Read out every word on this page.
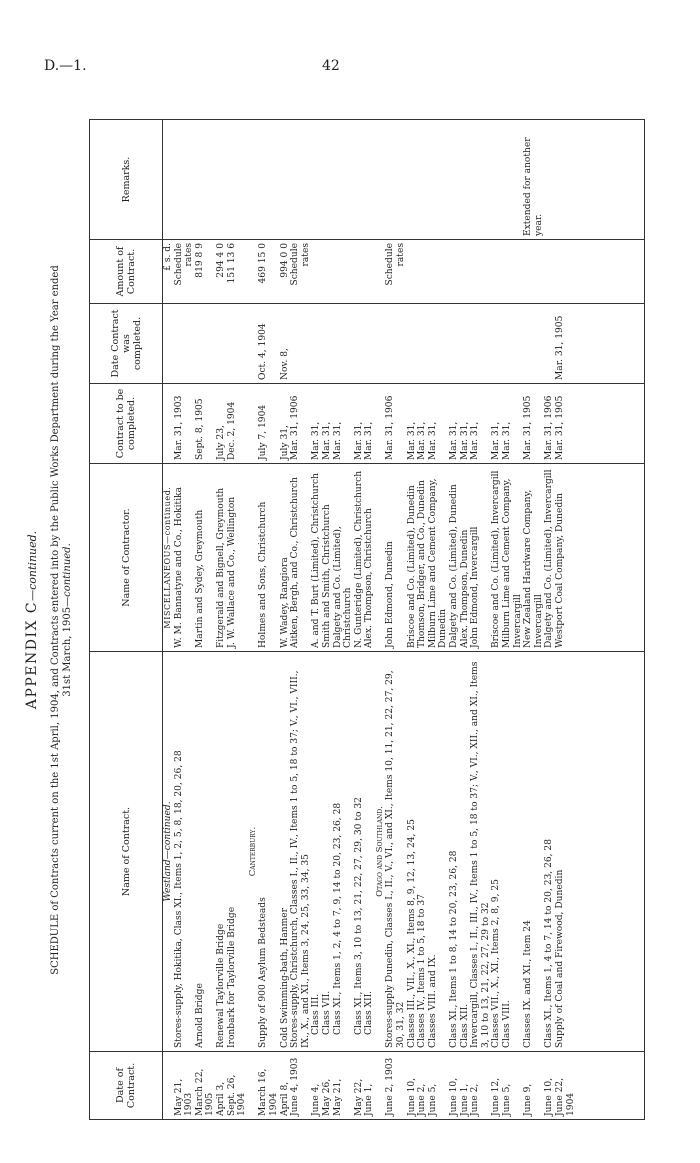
D.—1.	42
APPENDIX C—continued. SCHEDULE of Contracts current on the 1st April, 1904, and Contracts entered into by the Public Works Department during the Year ended 31st March, 1905—continued.
Date of Contract.	Name of Contract.	Name of Contractor.	Contract to be completed.	Date Contract was completed.	Amount of Contract.	Remarks.
	Westland—continued.	MISCELLANEOUS—continued.			£ s. d.	
May 21, 1903	Stores-supply, Hokitika, Class XI., Items 1, 2, 5, 8, 18, 20, 26, 28	W. M. Bannatyne and Co., Hokitika	Mar. 31, 1903		Schedule rates	
March 22, 1905	Arnold Bridge	Martin and Sydey, Greymouth	Sept. 8, 1905		819 8 9	
April 3,	Renewal Taylorville Bridge	Fitzgerald and Bignell, Greymouth	July 23,		294 4 0	
Sept. 26, 1904	Ironbark for Taylorville Bridge	J. W. Wallace and Co., Wellington	Dec. 2, 1904		151 13 6	
	Canterbury.					
March 16, 1904	Supply of 900 Asylum Bedsteads	Holmes and Sons, Christchurch	July 7, 1904	Oct. 4, 1904	469 15 0	
April 8,	Cold Swimming-bath, Hanmer	W. Wadey, Rangiora	July 31,	Nov. 8,	994 0 0	
June 4, 1903	Stores-supply, Christchurch, Classes I., II., IV., Items 1 to 5, 18 to 37; V., VI., VIII., IX., X., and XI., Items 3, 24, 25, 33, 34, 35	Aitken, Bergh, and Co., Christchurch	Mar. 31, 1906		Schedule rates	
June 4,	Class III.	A. and T. Burt (Limited), Christchurch	Mar. 31,			
May 26,	Class VII.	Smith and Smith, Christchurch	Mar. 31,			
May 21,	Class XI., Items 1, 2, 4 to 7, 9, 14 to 20, 23, 26, 28	Dalgety and Co. (Limited), Christchurch	Mar. 31,			
May 22,	Class XI., Items 3, 10 to 13, 21, 22, 27, 29, 30 to 32	N. Gunteridge (Limited), Christchurch	Mar. 31,			
June 1,	Class XII.	Alex. Thompson, Christchurch	Mar. 31,			
	Otago and Southland.					
June 2, 1903	Stores-supply Dunedin, Classes I., II., V., VI., and XI., Items 10, 11, 21, 22, 27, 29, 30, 31, 32	John Edmond, Dunedin	Mar. 31, 1906		Schedule rates	
June 10,	Classes III., VII., X., XI., Items 8, 9, 12, 13, 24, 25	Briscoe and Co. (Limited), Dunedin	Mar. 31,			
June 2,	Classes IV., Items 1 to 5, 18 to 37	Thomson, Bridger, and Co., Dunedin	Mar. 31,			
June 5,	Classes VIII. and IX.	Milburn Lime and Cement Company, Dunedin	Mar. 31,			
June 10,	Class XI., Items 1 to 8, 14 to 20, 23, 26, 28	Dalgety and Co. (Limited), Dunedin	Mar. 31,			
June 1,	Class XII.	Alex. Thompson, Dunedin	Mar. 31,			
June 2,	Invercargill, Classes I., II., III., IV., Items 1 to 5, 18 to 37; V., VI., XII., and XI., Items 3, 10 to 13, 21, 22, 27, 29 to 32	John Edmond, Invercargill	Mar. 31,			
June 12,	Classes VII., X., XI., Items 2, 8, 9, 25	Briscoe and Co. (Limited), Invercargill	Mar. 31,			
June 5,	Class VIII.	Milburn Lime and Cement Company, Invercargill	Mar. 31,			
June 9,	Classes IX. and XI., Item 24	New Zealand Hardware Company, Invercargill	Mar. 31, 1905			Extended for another year.
June 10,	Class XI., Items 1, 4 to 7, 14 to 20, 23, 26, 28	Dalgety and Co. (Limited), Invercargill	Mar. 31, 1906			
June 22, 1904	Supply of Coal and Firewood, Dunedin	Westport Coal Company, Dunedin	Mar. 31, 1905	Mar. 31, 1905		
